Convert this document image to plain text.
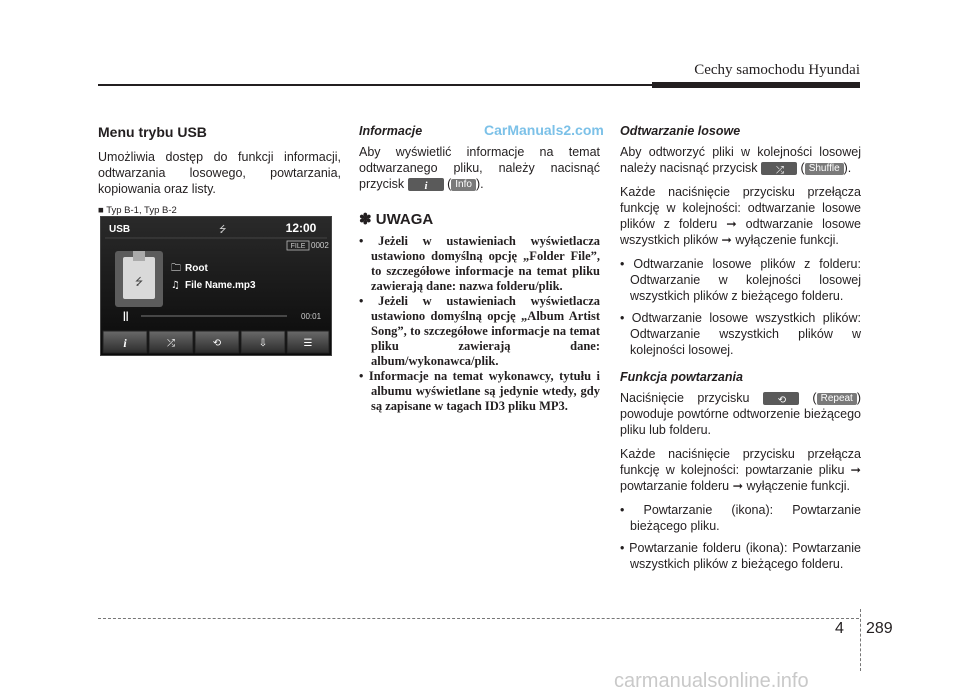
Cechy samochodu Hyundai
CarManuals2.com
Menu trybu USB

Umożliwia dostęp do funkcji informacji, odtwarzania losowego, powtarzania, kopiowania oraz listy.

■ Typ B-1, Typ B-2
USB	⭍	12:00
FILE 0002
⭍
🗀 Root
♫ File Name.mp3
||	00:01
i	⤮	⟲	⇩	☰
Informacje

Aby wyświetlić informacje na temat odtwarzanego pliku, należy nacisnąć przycisk i ( Info ).

✽ UWAGA
• Jeżeli w ustawieniach wyświetlacza ustawiono domyślną opcję „Folder File”, to szczegółowe informacje na temat pliku zawierają dane: nazwa folderu/plik.
• Jeżeli w ustawieniach wyświetlacza ustawiono domyślną opcję „Album Artist Song”, to szczegółowe informacje na temat pliku zawierają dane: album/wykonawca/plik.
• Informacje na temat wykonawcy, tytułu i albumu wyświetlane są jedynie wtedy, gdy są zapisane w tagach ID3 pliku MP3.
Odtwarzanie losowe

Aby odtworzyć pliki w kolejności losowej należy nacisnąć przycisk ⤮ ( Shuffle ).

Każde naciśnięcie przycisku przełącza funkcję w kolejności: odtwarzanie losowe plików z folderu ➞ odtwarzanie losowe wszystkich plików ➞ wyłączenie funkcji.

• Odtwarzanie losowe plików z folderu: Odtwarzanie w kolejności losowej wszystkich plików z bieżącego folderu.
• Odtwarzanie losowe wszystkich plików: Odtwarzanie wszystkich plików w kolejności losowej.
Funkcja powtarzania

Naciśnięcie przycisku	⟲ ( Repeat ) powoduje powtórne odtworzenie bieżącego pliku lub folderu.

Każde naciśnięcie przycisku przełącza funkcję w kolejności: powtarzanie pliku ➞ powtarzanie folderu ➞ wyłączenie funkcji.

• Powtarzanie (ikona): Powtarzanie bieżącego pliku.
• Powtarzanie folderu (ikona): Powtarzanie wszystkich plików z bieżącego folderu.
4 289
carmanualsonline.info
